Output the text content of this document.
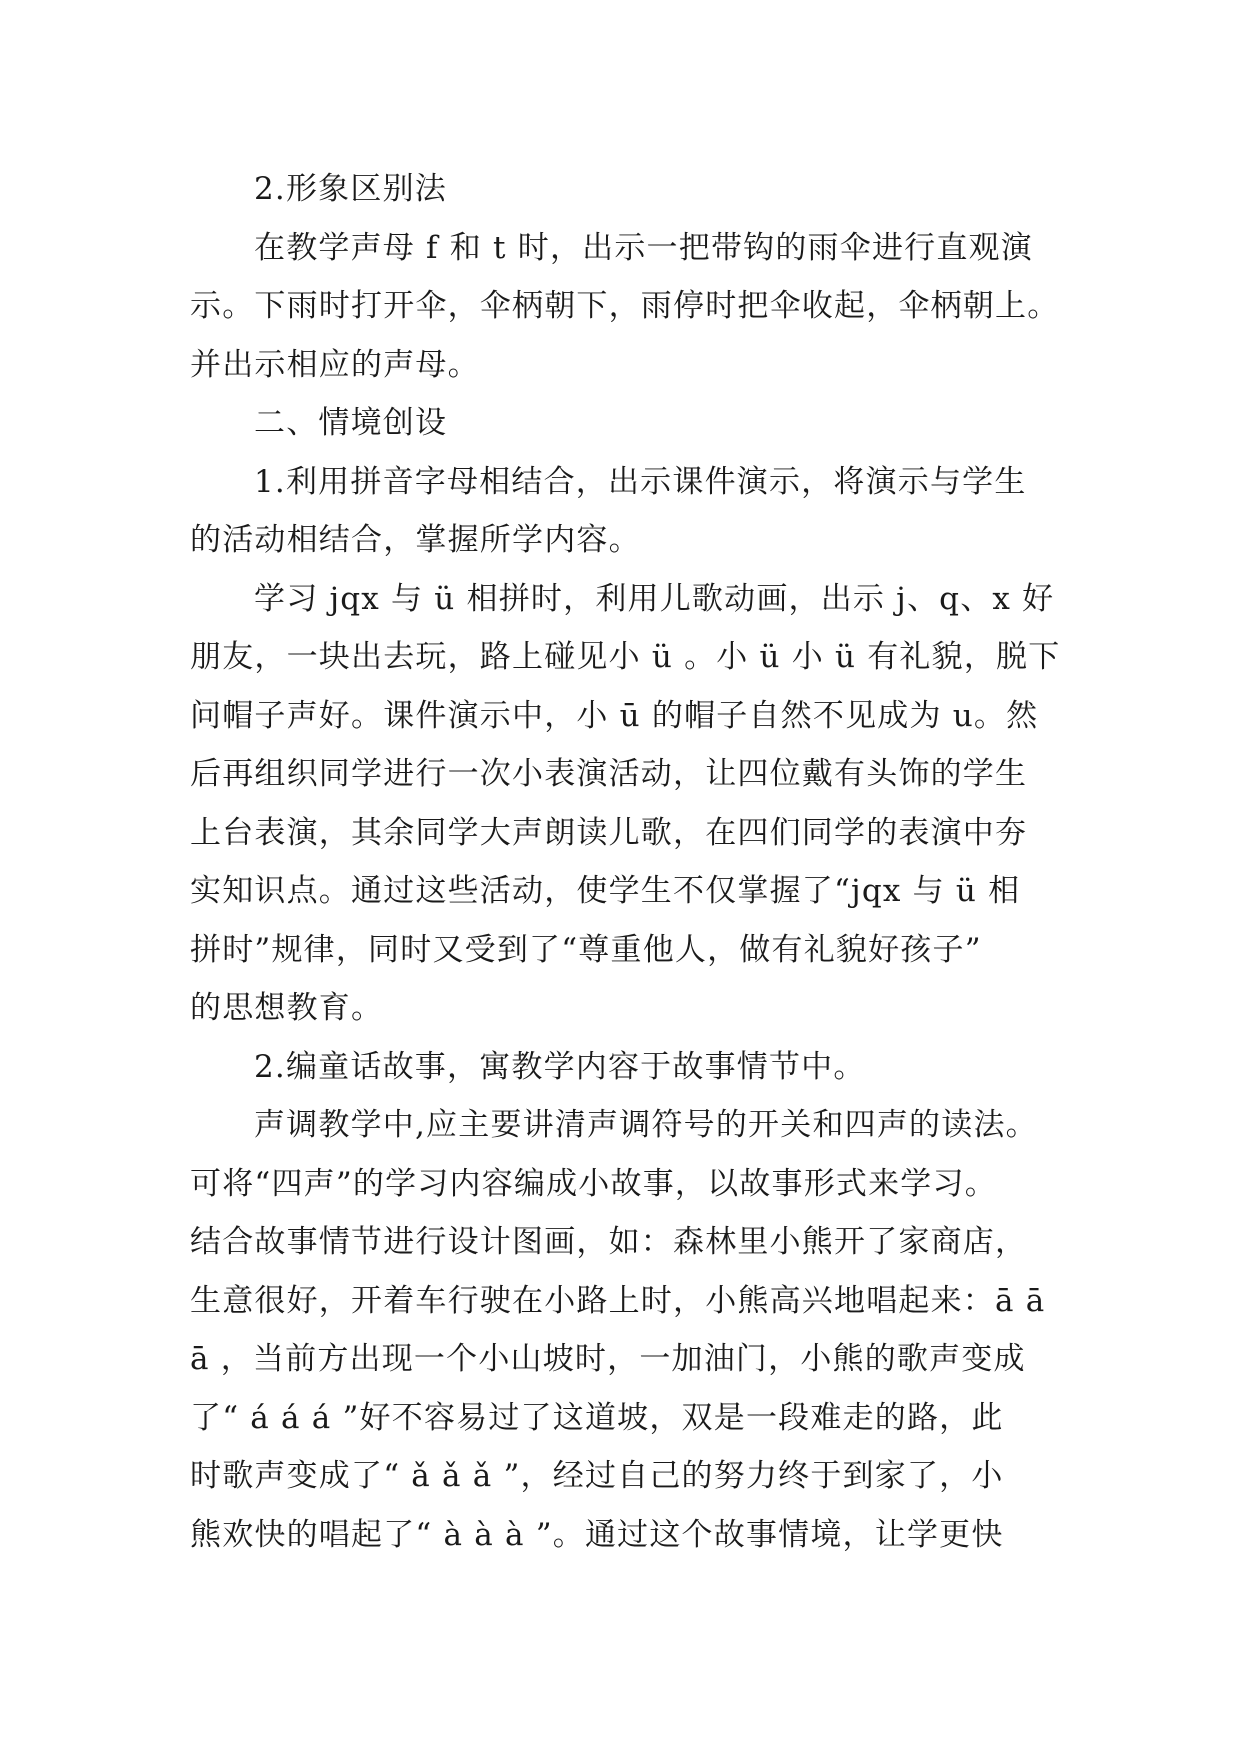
2.形象区别法
在教学声母 f 和 t 时，出示一把带钩的雨伞进行直观演
示。下雨时打开伞，伞柄朝下，雨停时把伞收起，伞柄朝上。
并出示相应的声母。
二、情境创设
1.利用拼音字母相结合，出示课件演示，将演示与学生
的活动相结合，掌握所学内容。
学习 jqx 与 ü 相拼时，利用儿歌动画，出示 j、q、x 好
朋友，一块出去玩，路上碰见小 ü 。小 ü 小 ü 有礼貌，脱下
问帽子声好。课件演示中，小 ū 的帽子自然不见成为 u。然
后再组织同学进行一次小表演活动，让四位戴有头饰的学生
上台表演，其余同学大声朗读儿歌，在四们同学的表演中夯
实知识点。通过这些活动，使学生不仅掌握了“jqx 与 ü 相
拼时”规律，同时又受到了“尊重他人，做有礼貌好孩子”
的思想教育。
2.编童话故事，寓教学内容于故事情节中。
声调教学中,应主要讲清声调符号的开关和四声的读法。
可将“四声”的学习内容编成小故事，以故事形式来学习。
结合故事情节进行设计图画，如：森林里小熊开了家商店，
生意很好，开着车行驶在小路上时，小熊高兴地唱起来：ā ā
ā ，当前方出现一个小山坡时，一加油门，小熊的歌声变成
了“ á á á ”好不容易过了这道坡，双是一段难走的路，此
时歌声变成了“ ǎ ǎ ǎ ”，经过自己的努力终于到家了，小
熊欢快的唱起了“ à à à ”。通过这个故事情境，让学更快
